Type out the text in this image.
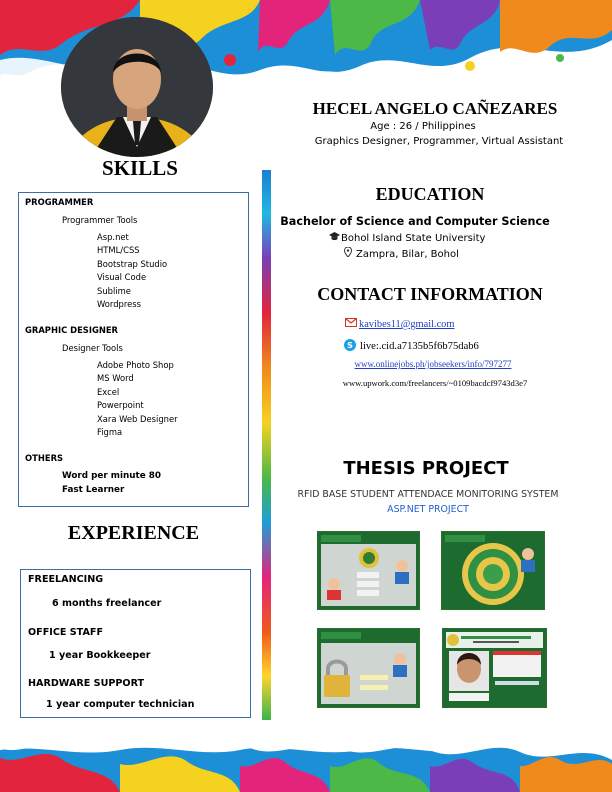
SKILLS
PROGRAMMER
Programmer Tools
Asp.net
HTML/CSS
Bootstrap Studio
Visual Code
Sublime
Wordpress
GRAPHIC DESIGNER
Designer Tools
Adobe Photo Shop
MS Word
Excel
Powerpoint
Xara Web Designer
Figma
OTHERS
Word per minute 80
Fast Learner
EXPERIENCE
FREELANCING
6 months freelancer
OFFICE STAFF
1 year Bookkeeper
HARDWARE SUPPORT
1 year computer technician
HECEL ANGELO CAÑEZARES
Age : 26 / Philippines
Graphics Designer, Programmer, Virtual Assistant
EDUCATION
Bachelor of Science and Computer Science
Bohol Island State University
Zampra, Bilar, Bohol
CONTACT INFORMATION
kavibes11@gmail.com
S live:.cid.a7135b5f6b75dab6
www.onlinejobs.ph/jobseekers/info/797277
www.upwork.com/freelancers/~0109bacdcf9743d3e7
THESIS PROJECT
RFID BASE STUDENT ATTENDACE MONITORING SYSTEM
ASP.NET PROJECT
